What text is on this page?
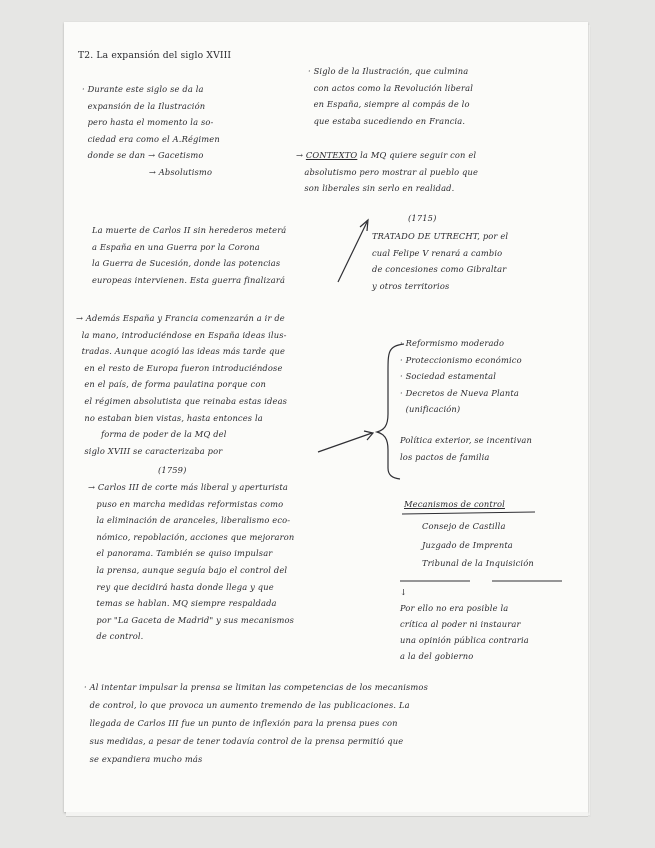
T2. La expansión del siglo XVIII

· Durante este siglo se da la
expansión de la Ilustración
pero hasta el momento la so-
ciedad era como el A.Régimen
donde se dan → Gacetismo
→ Absolutismo

· Siglo de la Ilustración, que culmina
con actos como la Revolución liberal
en España, siempre al compás de lo
que estaba sucediendo en Francia.

→ CONTEXTO la MQ quiere seguir con el
absolutismo pero mostrar al pueblo que
son liberales sin serlo en realidad.

La muerte de Carlos II sin herederos meterá
a España en una Guerra por la Corona
la Guerra de Sucesión, donde las potencias
europeas intervienen. Esta guerra finalizará

(1715)

TRATADO DE UTRECHT, por el
cual Felipe V renará a cambio
de concesiones como Gibraltar
y otros territorios

→ Además España y Francia comenzarán a ir de
la mano, introduciéndose en España ideas ilus-
tradas. Aunque acogió las ideas más tarde que
en el resto de Europa fueron introduciéndose
en el país, de forma paulatina porque con
el régimen absolutista que reinaba estas ideas
no estaban bien vistas, hasta entonces la
forma de poder de la MQ del
siglo XVIII se caracterizaba por

· Reformismo moderado

· Proteccionismo económico

· Sociedad estamental

· Decretos de Nueva Planta

(unificación)

Política exterior, se incentivan
los pactos de familia

(1759)

→ Carlos III de corte más liberal y aperturista
puso en marcha medidas reformistas como
la eliminación de aranceles, liberalismo eco-
nómico, repoblación, acciones que mejoraron
el panorama. También se quiso impulsar
la prensa, aunque seguía bajo el control del
rey que decidirá hasta donde llega y que
temas se hablan. MQ siempre respaldada
por "La Gaceta de Madrid" y sus mecanismos
de control.

Mecanismos de control

Consejo de Castilla

Juzgado de Imprenta

Tribunal de la Inquisición

↓
Por ello no era posible la
crítica al poder ni instaurar
una opinión pública contraria
a la del gobierno

· Al intentar impulsar la prensa se limitan las competencias de los mecanismos
de control, lo que provoca un aumento tremendo de las publicaciones. La
llegada de Carlos III fue un punto de inflexión para la prensa pues con
sus medidas, a pesar de tener todavía control de la prensa permitió que
se expandiera mucho más
